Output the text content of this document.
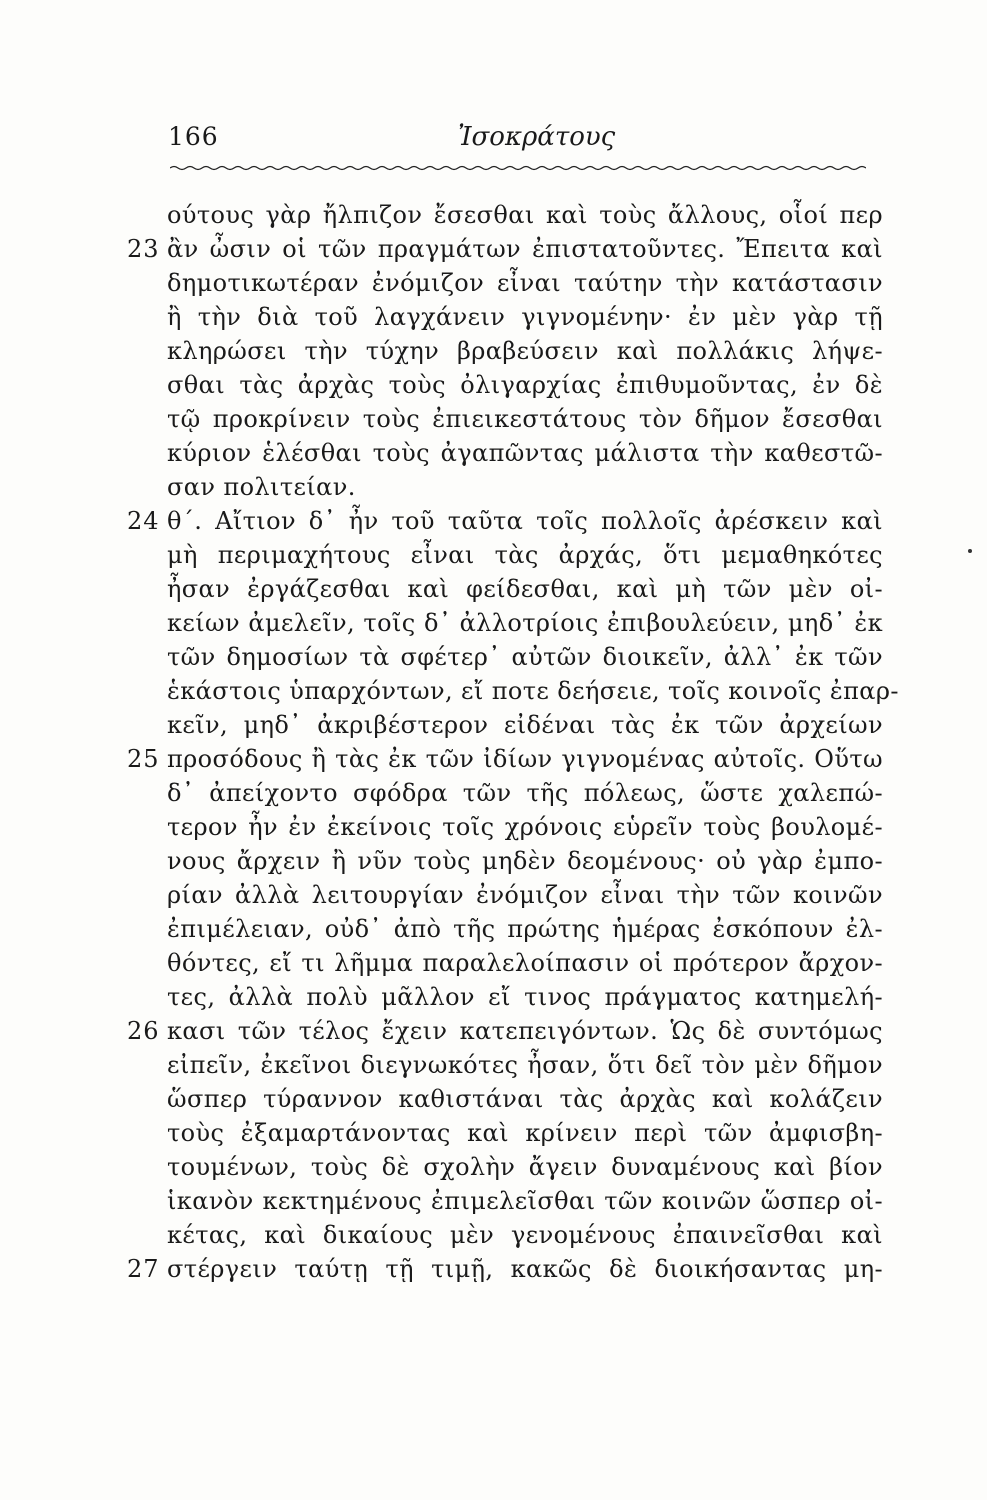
166	Ἰσοκράτους
ούτους γὰρ ἤλπιζον ἔσεσθαι καὶ τοὺς ἄλλους, οἷοί περ
23 ἂν ὦσιν οἱ τῶν πραγμάτων ἐπιστατοῦντες. Ἔπειτα καὶ
δημοτικωτέραν ἐνόμιζον εἶναι ταύτην τὴν κατάστασιν
ἢ τὴν διὰ τοῦ λαγχάνειν γιγνομένην· ἐν μὲν γὰρ τῇ
κληρώσει τὴν τύχην βραβεύσειν καὶ πολλάκις λήψε-
σθαι τὰς ἀρχὰς τοὺς ὀλιγαρχίας ἐπιθυμοῦντας, ἐν δὲ
τῷ προκρίνειν τοὺς ἐπιεικεστάτους τὸν δῆμον ἔσεσθαι
κύριον ἑλέσθαι τοὺς ἀγαπῶντας μάλιστα τὴν καθεστῶ-
σαν πολιτείαν.
24 θ΄. Αἴτιον δ᾽ ἦν τοῦ ταῦτα τοῖς πολλοῖς ἀρέσκειν καὶ
μὴ περιμαχήτους εἶναι τὰς ἀρχάς, ὅτι μεμαθηκότες
ἦσαν ἐργάζεσθαι καὶ φείδεσθαι, καὶ μὴ τῶν μὲν οἰ-
κείων ἀμελεῖν, τοῖς δ᾽ ἀλλοτρίοις ἐπιβουλεύειν, μηδ᾽ ἐκ
τῶν δημοσίων τὰ σφέτερ᾽ αὐτῶν διοικεῖν, ἀλλ᾽ ἐκ τῶν
ἑκάστοις ὑπαρχόντων, εἴ ποτε δεήσειε, τοῖς κοινοῖς ἐπαρ-
κεῖν, μηδ᾽ ἀκριβέστερον εἰδέναι τὰς ἐκ τῶν ἀρχείων
25 προσόδους ἢ τὰς ἐκ τῶν ἰδίων γιγνομένας αὐτοῖς. Οὕτω
δ᾽ ἀπείχοντο σφόδρα τῶν τῆς πόλεως, ὥστε χαλεπώ-
τερον ἦν ἐν ἐκείνοις τοῖς χρόνοις εὑρεῖν τοὺς βουλομέ-
νους ἄρχειν ἢ νῦν τοὺς μηδὲν δεομένους· οὐ γὰρ ἐμπο-
ρίαν ἀλλὰ λειτουργίαν ἐνόμιζον εἶναι τὴν τῶν κοινῶν
ἐπιμέλειαν, οὐδ᾽ ἀπὸ τῆς πρώτης ἡμέρας ἐσκόπουν ἐλ-
θόντες, εἴ τι λῆμμα παραλελοίπασιν οἱ πρότερον ἄρχον-
τες, ἀλλὰ πολὺ μᾶλλον εἴ τινος πράγματος κατημελή-
26 κασι τῶν τέλος ἔχειν κατεπειγόντων. Ὡς δὲ συντόμως
εἰπεῖν, ἐκεῖνοι διεγνωκότες ἦσαν, ὅτι δεῖ τὸν μὲν δῆμον
ὥσπερ τύραννον καθιστάναι τὰς ἀρχὰς καὶ κολάζειν
τοὺς ἐξαμαρτάνοντας καὶ κρίνειν περὶ τῶν ἀμφισβη-
τουμένων, τοὺς δὲ σχολὴν ἄγειν δυναμένους καὶ βίον
ἱκανὸν κεκτημένους ἐπιμελεῖσθαι τῶν κοινῶν ὥσπερ οἰ-
κέτας, καὶ δικαίους μὲν γενομένους ἐπαινεῖσθαι καὶ
27 στέργειν ταύτῃ τῇ τιμῇ, κακῶς δὲ διοικήσαντας μη-
